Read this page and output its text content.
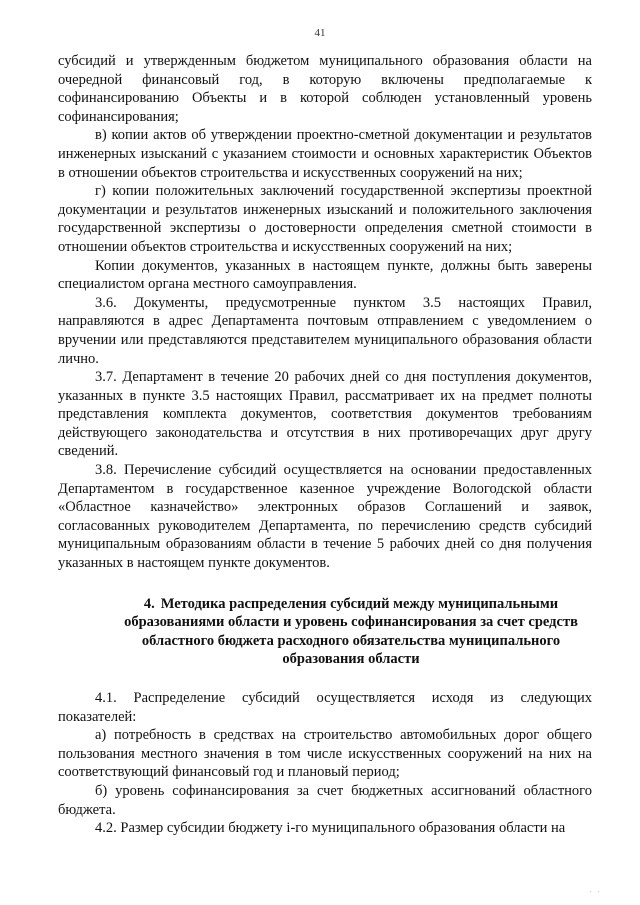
41

субсидий и утвержденным бюджетом муниципального образования области на очередной финансовый год, в которую включены предполагаемые к софинансированию Объекты и в которой соблюден установленный уровень софинансирования;

в) копии актов об утверждении проектно-сметной документации и результатов инженерных изысканий с указанием стоимости и основных характеристик Объектов в отношении объектов строительства и искусственных сооружений на них;

г) копии положительных заключений государственной экспертизы проектной документации и результатов инженерных изысканий и положительного заключения государственной экспертизы о достоверности определения сметной стоимости в отношении объектов строительства и искусственных сооружений на них;

Копии документов, указанных в настоящем пункте, должны быть заверены специалистом органа местного самоуправления.

3.6. Документы, предусмотренные пунктом 3.5 настоящих Правил, направляются в адрес Департамента почтовым отправлением с уведомлением о вручении или представляются представителем муниципального образования области лично.

3.7. Департамент в течение 20 рабочих дней со дня поступления документов, указанных в пункте 3.5 настоящих Правил, рассматривает их на предмет полноты представления комплекта документов, соответствия документов требованиям действующего законодательства и отсутствия в них противоречащих друг другу сведений.

3.8. Перечисление субсидий осуществляется на основании предоставленных Департаментом в государственное казенное учреждение Вологодской области «Областное казначейство» электронных образов Соглашений и заявок, согласованных руководителем Департамента, по перечислению средств субсидий муниципальным образованиям области в течение 5 рабочих дней со дня получения указанных в настоящем пункте документов.

4. Методика распределения субсидий между муниципальными образованиями области и уровень софинансирования за счет средств областного бюджета расходного обязательства муниципального образования области

4.1. Распределение субсидий осуществляется исходя из следующих показателей:

а) потребность в средствах на строительство автомобильных дорог общего пользования местного значения в том числе искусственных сооружений на них на соответствующий финансовый год и плановый период;

б) уровень софинансирования за счет бюджетных ассигнований областного бюджета.

4.2. Размер субсидии бюджету i-го муниципального образования области на

· ·
